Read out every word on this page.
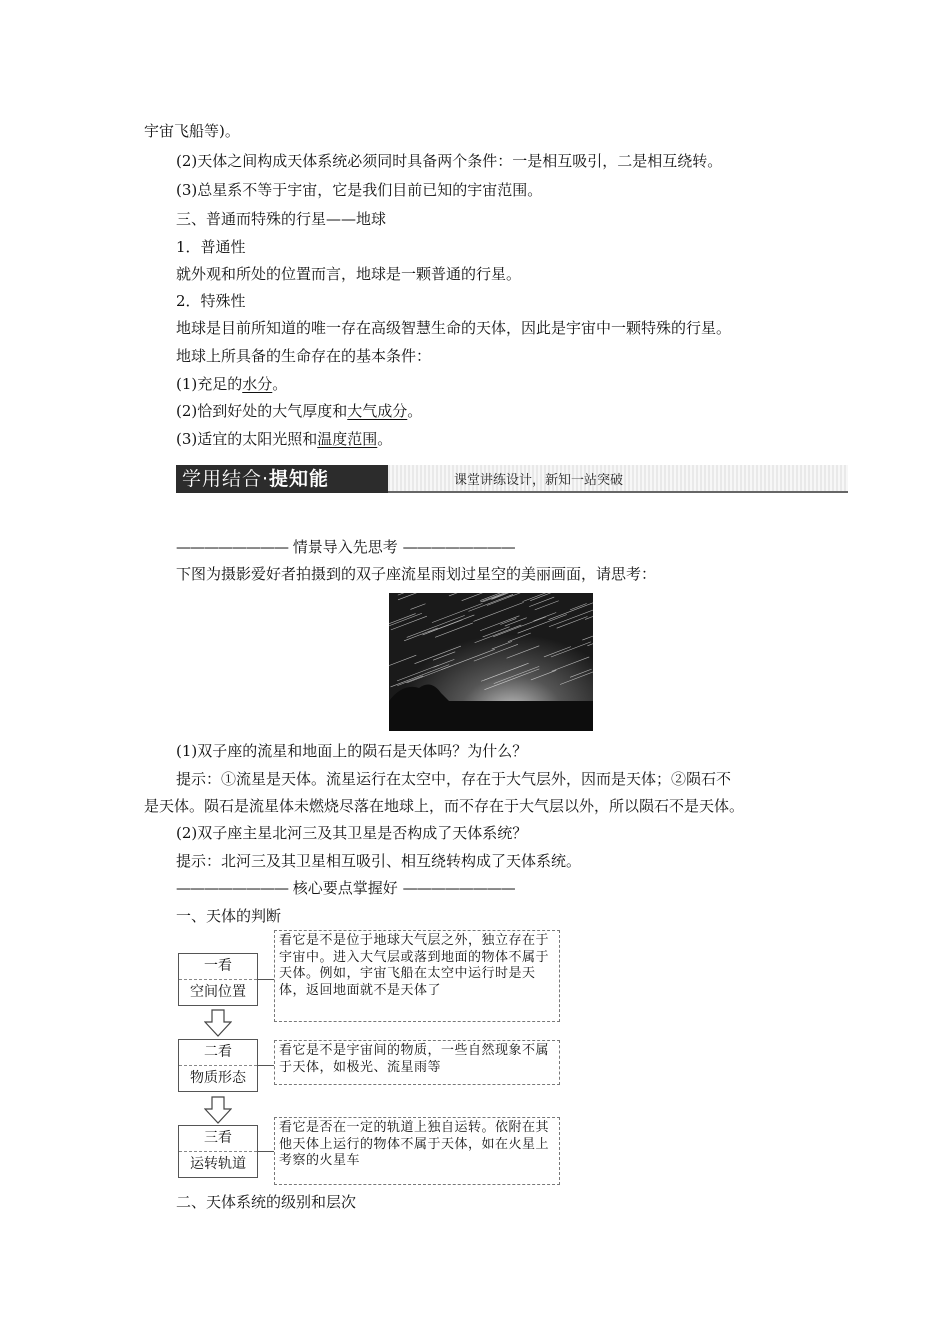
宇宙飞船等)。
(2)天体之间构成天体系统必须同时具备两个条件：一是相互吸引，二是相互绕转。
(3)总星系不等于宇宙，它是我们目前已知的宇宙范围。
三、普通而特殊的行星——地球
1．普通性
就外观和所处的位置而言，地球是一颗普通的行星。
2．特殊性
地球是目前所知道的唯一存在高级智慧生命的天体，因此是宇宙中一颗特殊的行星。
地球上所具备的生命存在的基本条件：
(1)充足的水分。
(2)恰到好处的大气厚度和大气成分。
(3)适宜的太阳光照和温度范围。
学用结合·提知能	课堂讲练设计，新知一站突破
———————— 情景导入先思考 ————————
下图为摄影爱好者拍摄到的双子座流星雨划过星空的美丽画面，请思考：
(1)双子座的流星和地面上的陨石是天体吗？为什么？
提示：①流星是天体。流星运行在太空中，存在于大气层外，因而是天体；②陨石不
是天体。陨石是流星体未燃烧尽落在地球上，而不存在于大气层以外，所以陨石不是天体。
(2)双子座主星北河三及其卫星是否构成了天体系统？
提示：北河三及其卫星相互吸引、相互绕转构成了天体系统。
———————— 核心要点掌握好 ————————
一、天体的判断
一看
空间位置
看它是不是位于地球大气层之外，独立存在于宇宙中。进入大气层或落到地面的物体不属于天体。例如，宇宙飞船在太空中运行时是天体，返回地面就不是天体了
二看
物质形态
看它是不是宇宙间的物质，一些自然现象不属于天体，如极光、流星雨等
三看
运转轨道
看它是否在一定的轨道上独自运转。依附在其他天体上运行的物体不属于天体，如在火星上考察的火星车
二、天体系统的级别和层次
